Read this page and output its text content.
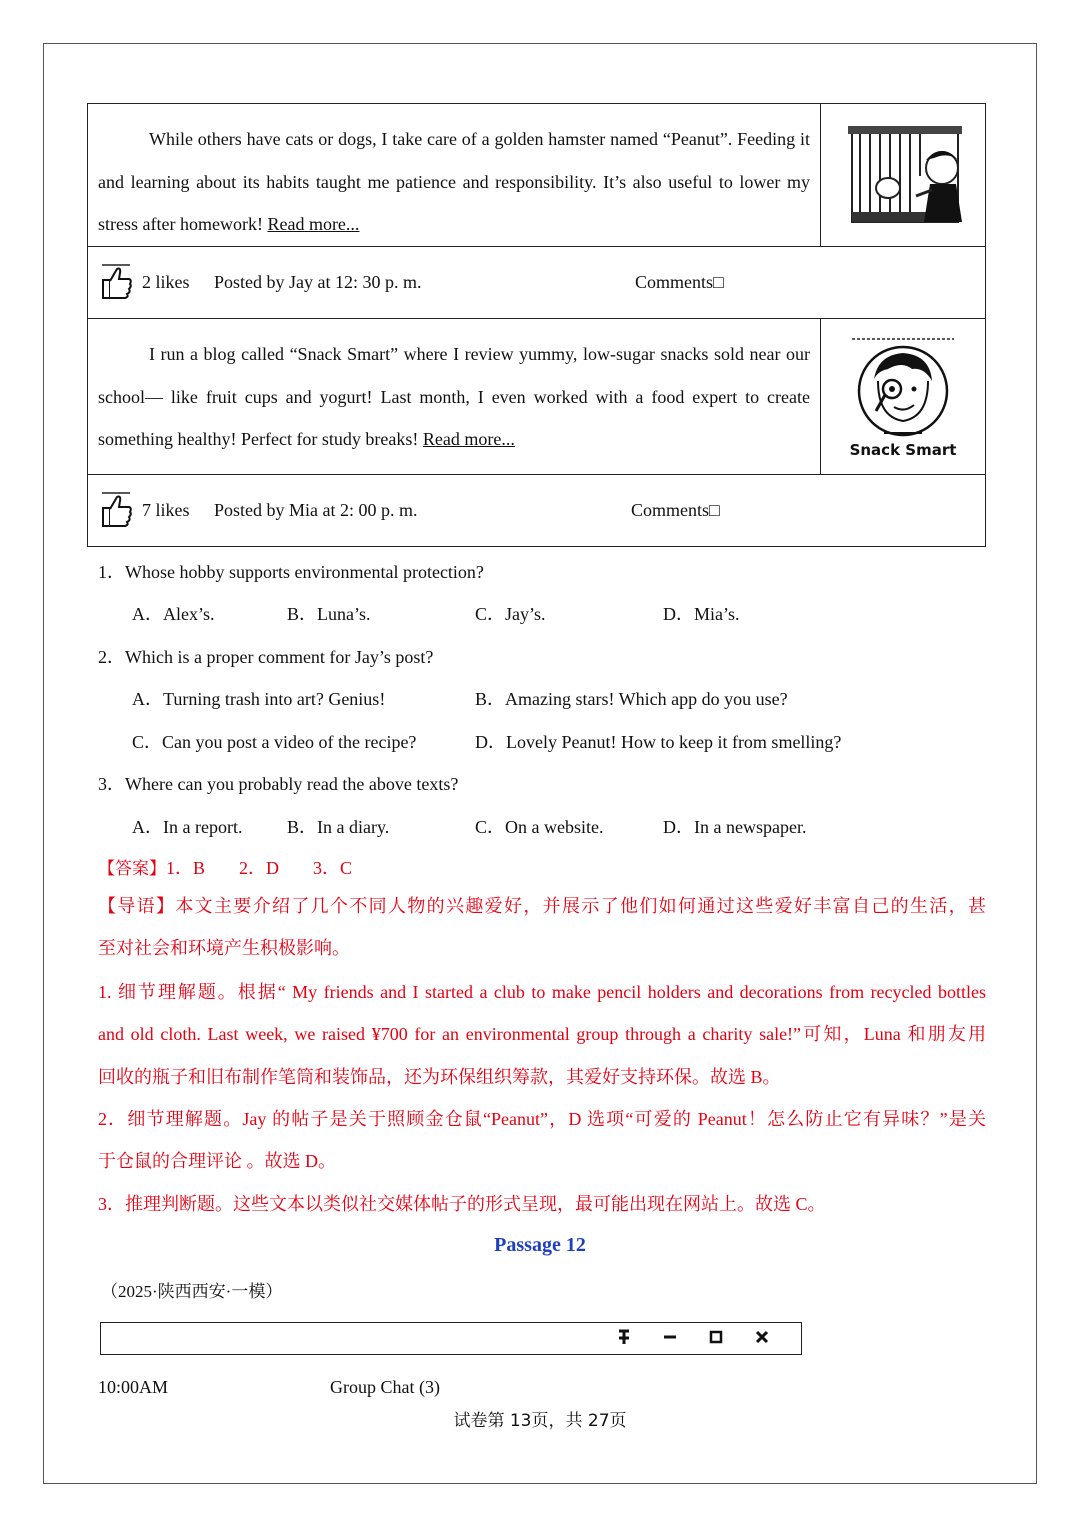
While others have cats or dogs, I take care of a golden hamster named “Peanut”. Feeding it and learning about its habits taught me patience and responsibility. It’s also useful to lower my stress after homework! Read more...
2 likes	Posted by Jay at 12: 30 p. m.	Comments□
I run a blog called “Snack Smart” where I review yummy, low-sugar snacks sold near our school— like fruit cups and yogurt! Last month, I even worked with a food expert to create something healthy! Perfect for study breaks! Read more...
Snack Smart
7 likes	Posted by Mia at 2: 00 p. m.	Comments□
1．Whose hobby supports environmental protection?
A．Alex’s.	B．Luna’s.	C．Jay’s.	D．Mia’s.
2．Which is a proper comment for Jay’s post?
A．Turning trash into art? Genius!	B．Amazing stars! Which app do you use?
C．Can you post a video of the recipe?	D．Lovely Peanut! How to keep it from smelling?
3．Where can you probably read the above texts?
A．In a report. B．In a diary.	C．On a website.	D．In a newspaper.
【答案】1．B 2．D 3．C
【导语】本文主要介绍了几个不同人物的兴趣爱好，并展示了他们如何通过这些爱好丰富自己的生活，甚
至对社会和环境产生积极影响。
1. 细节理解题。根据“ My friends and I started a club to make pencil holders and decorations from recycled bottles
and old cloth. Last week, we raised ¥700 for an environmental group through a charity sale!”可知，Luna 和朋友用
回收的瓶子和旧布制作笔筒和装饰品，还为环保组织筹款，其爱好支持环保。故选 B。
2．细节理解题。Jay 的帖子是关于照顾金仓鼠“Peanut”，D 选项“可爱的 Peanut！怎么防止它有异味？”是关
于仓鼠的合理评论 。故选 D。
3．推理判断题。这些文本以类似社交媒体帖子的形式呈现，最可能出现在网站上。故选 C。
Passage 12
（2025·陕西西安·一模）
10:00AM	Group Chat (3)
试卷第 13页，共 27页
